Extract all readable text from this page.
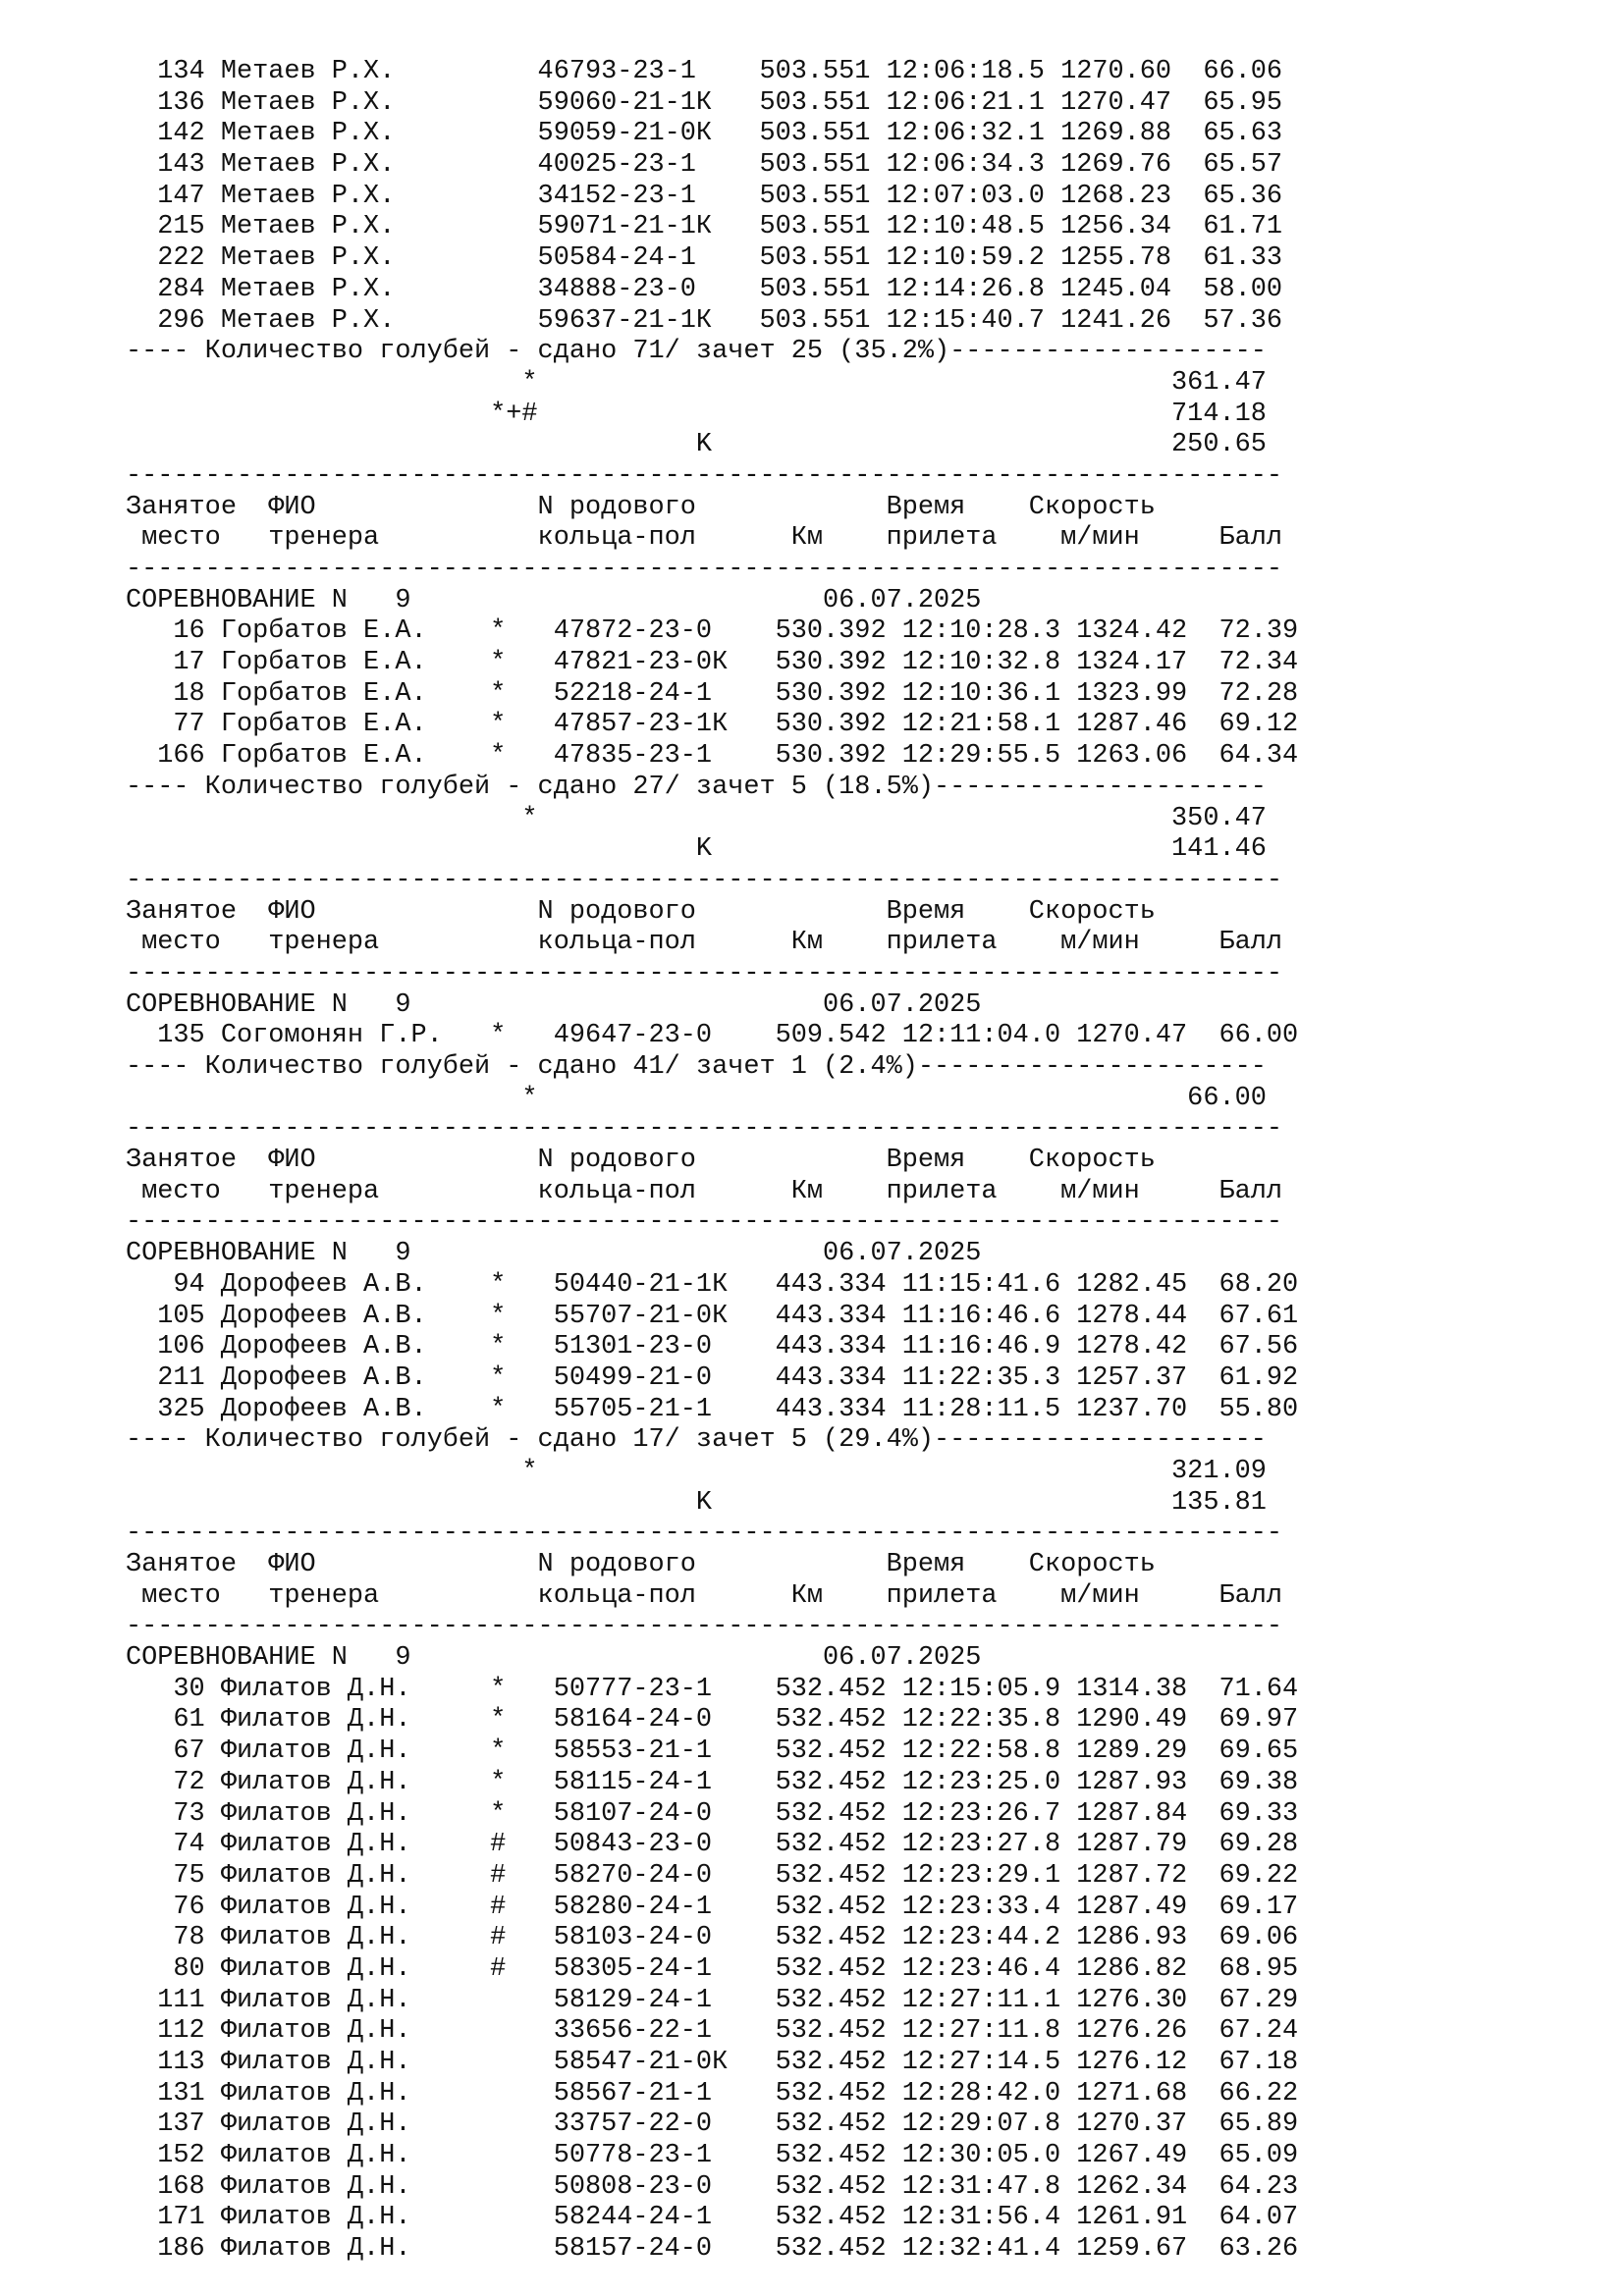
134 Метаев Р.Х.         46793-23-1    503.551 12:06:18.5 1270.60  66.06
136 Метаев Р.Х.         59060-21-1К   503.551 12:06:21.1 1270.47  65.95
142 Метаев Р.Х.         59059-21-0К   503.551 12:06:32.1 1269.88  65.63
143 Метаев Р.Х.         40025-23-1    503.551 12:06:34.3 1269.76  65.57
147 Метаев Р.Х.         34152-23-1    503.551 12:07:03.0 1268.23  65.36
215 Метаев Р.Х.         59071-21-1К   503.551 12:10:48.5 1256.34  61.71
222 Метаев Р.Х.         50584-24-1    503.551 12:10:59.2 1255.78  61.33
284 Метаев Р.Х.         34888-23-0    503.551 12:14:26.8 1245.04  58.00
296 Метаев Р.Х.         59637-21-1К   503.551 12:15:40.7 1241.26  57.36
---- Количество голубей - сдано 71/ зачет 25 (35.2%)--------------------
*                                        361.47
*+#                                        714.18
K                             250.65
-------------------------------------------------------------------------
Занятое  ФИО              N родового            Время    Скорость
место   тренера          кольца-пол      Км    прилета    м/мин     Балл
-------------------------------------------------------------------------
СОРЕВНОВАНИЕ N   9                          06.07.2025
16 Горбатов Е.А.    *   47872-23-0    530.392 12:10:28.3 1324.42  72.39
17 Горбатов Е.А.    *   47821-23-0К   530.392 12:10:32.8 1324.17  72.34
18 Горбатов Е.А.    *   52218-24-1    530.392 12:10:36.1 1323.99  72.28
77 Горбатов Е.А.    *   47857-23-1К   530.392 12:21:58.1 1287.46  69.12
166 Горбатов Е.А.    *   47835-23-1    530.392 12:29:55.5 1263.06  64.34
---- Количество голубей - сдано 27/ зачет 5 (18.5%)---------------------
*                                        350.47
K                             141.46
-------------------------------------------------------------------------
Занятое  ФИО              N родового            Время    Скорость
место   тренера          кольца-пол      Км    прилета    м/мин     Балл
-------------------------------------------------------------------------
СОРЕВНОВАНИЕ N   9                          06.07.2025
135 Согомонян Г.Р.   *   49647-23-0    509.542 12:11:04.0 1270.47  66.00
---- Количество голубей - сдано 41/ зачет 1 (2.4%)----------------------
*                                         66.00
-------------------------------------------------------------------------
Занятое  ФИО              N родового            Время    Скорость
место   тренера          кольца-пол      Км    прилета    м/мин     Балл
-------------------------------------------------------------------------
СОРЕВНОВАНИЕ N   9                          06.07.2025
94 Дорофеев А.В.    *   50440-21-1К   443.334 11:15:41.6 1282.45  68.20
105 Дорофеев А.В.    *   55707-21-0К   443.334 11:16:46.6 1278.44  67.61
106 Дорофеев А.В.    *   51301-23-0    443.334 11:16:46.9 1278.42  67.56
211 Дорофеев А.В.    *   50499-21-0    443.334 11:22:35.3 1257.37  61.92
325 Дорофеев А.В.    *   55705-21-1    443.334 11:28:11.5 1237.70  55.80
---- Количество голубей - сдано 17/ зачет 5 (29.4%)---------------------
*                                        321.09
K                             135.81
-------------------------------------------------------------------------
Занятое  ФИО              N родового            Время    Скорость
место   тренера          кольца-пол      Км    прилета    м/мин     Балл
-------------------------------------------------------------------------
СОРЕВНОВАНИЕ N   9                          06.07.2025
30 Филатов Д.Н.     *   50777-23-1    532.452 12:15:05.9 1314.38  71.64
61 Филатов Д.Н.     *   58164-24-0    532.452 12:22:35.8 1290.49  69.97
67 Филатов Д.Н.     *   58553-21-1    532.452 12:22:58.8 1289.29  69.65
72 Филатов Д.Н.     *   58115-24-1    532.452 12:23:25.0 1287.93  69.38
73 Филатов Д.Н.     *   58107-24-0    532.452 12:23:26.7 1287.84  69.33
74 Филатов Д.Н.     #   50843-23-0    532.452 12:23:27.8 1287.79  69.28
75 Филатов Д.Н.     #   58270-24-0    532.452 12:23:29.1 1287.72  69.22
76 Филатов Д.Н.     #   58280-24-1    532.452 12:23:33.4 1287.49  69.17
78 Филатов Д.Н.     #   58103-24-0    532.452 12:23:44.2 1286.93  69.06
80 Филатов Д.Н.     #   58305-24-1    532.452 12:23:46.4 1286.82  68.95
111 Филатов Д.Н.         58129-24-1    532.452 12:27:11.1 1276.30  67.29
112 Филатов Д.Н.         33656-22-1    532.452 12:27:11.8 1276.26  67.24
113 Филатов Д.Н.         58547-21-0К   532.452 12:27:14.5 1276.12  67.18
131 Филатов Д.Н.         58567-21-1    532.452 12:28:42.0 1271.68  66.22
137 Филатов Д.Н.         33757-22-0    532.452 12:29:07.8 1270.37  65.89
152 Филатов Д.Н.         50778-23-1    532.452 12:30:05.0 1267.49  65.09
168 Филатов Д.Н.         50808-23-0    532.452 12:31:47.8 1262.34  64.23
171 Филатов Д.Н.         58244-24-1    532.452 12:31:56.4 1261.91  64.07
186 Филатов Д.Н.         58157-24-0    532.452 12:32:41.4 1259.67  63.26
